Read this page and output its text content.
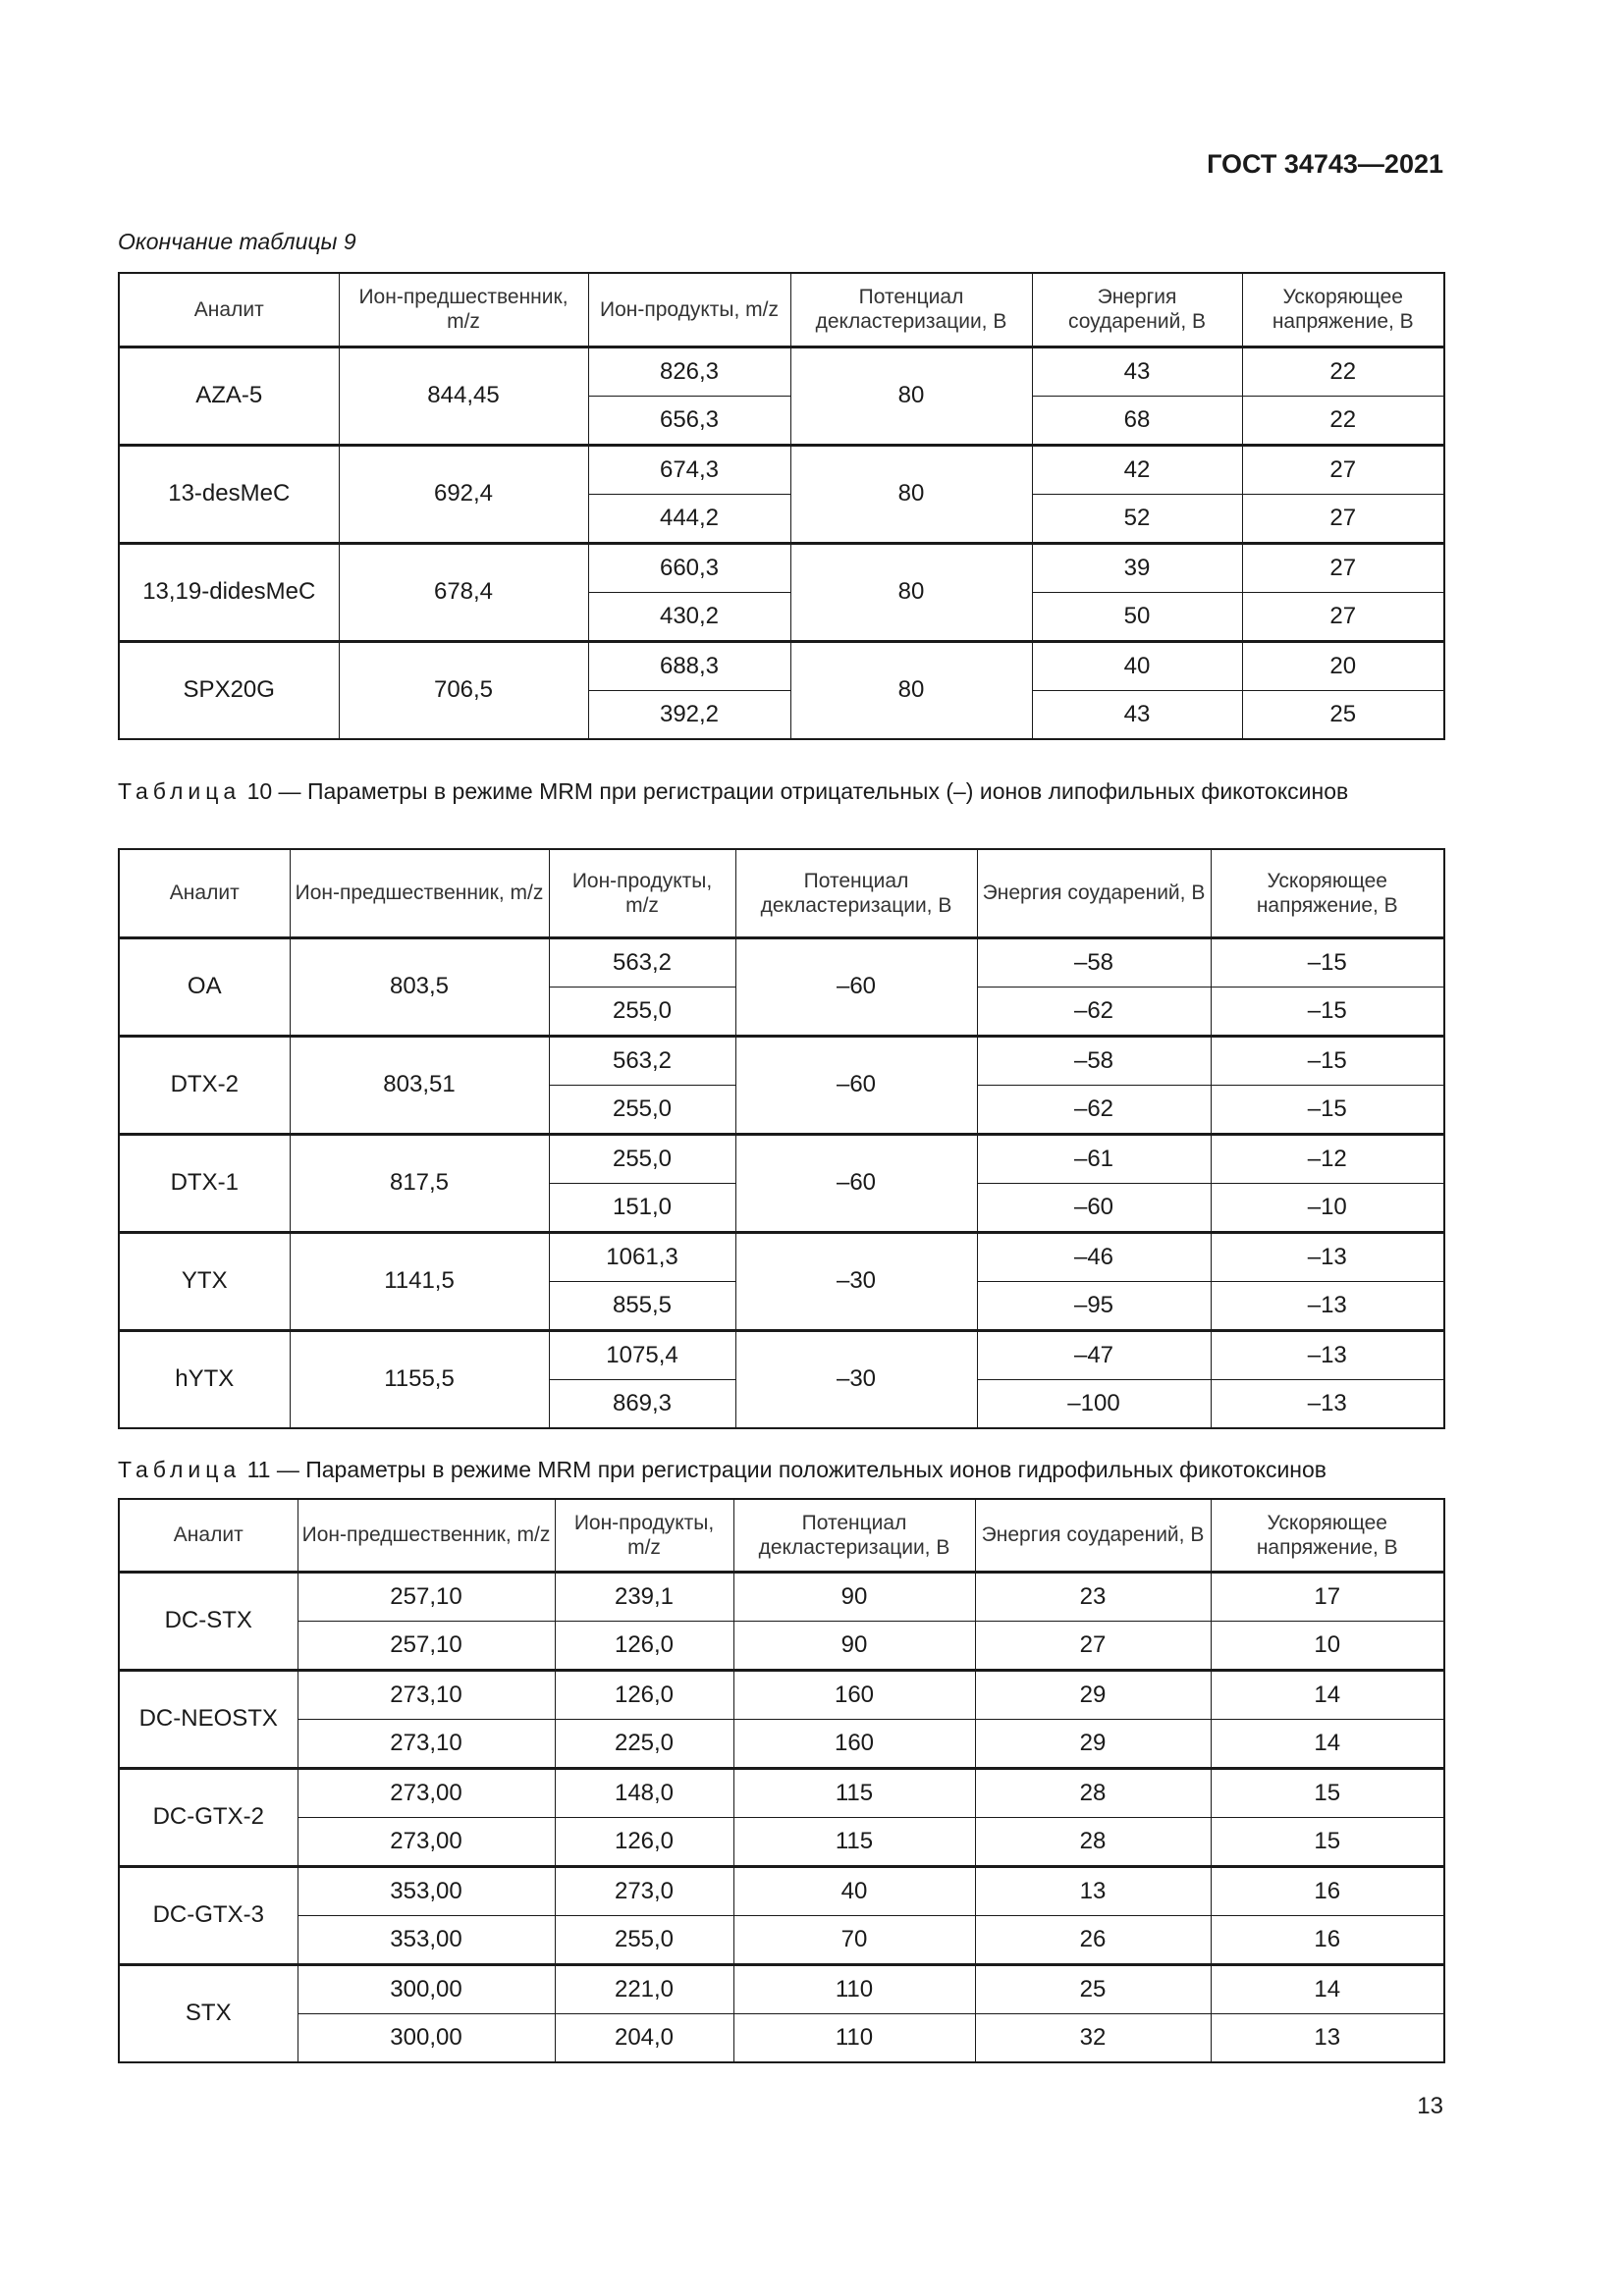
ГОСТ 34743—2021
Окончание таблицы 9
Аналит	Ион-предшественник, m/z	Ион-продукты, m/z	Потенциал декластеризации, В	Энергия соударений, В	Ускоряющее напряжение, В
AZA-5	844,45	826,3	80	43	22
		656,3		68	22
13-desMeC	692,4	674,3	80	42	27
		444,2		52	27
13,19-didesMeC	678,4	660,3	80	39	27
		430,2		50	27
SPX20G	706,5	688,3	80	40	20
		392,2		43	25
Таблица 10 — Параметры в режиме MRM при регистрации отрицательных (–) ионов липофильных фикотоксинов
Аналит	Ион-предшественник, m/z	Ион-продукты, m/z	Потенциал декластеризации, В	Энергия соударений, В	Ускоряющее напряжение, В
OA	803,5	563,2	–60	–58	–15
		255,0		–62	–15
DTX-2	803,51	563,2	–60	–58	–15
		255,0		–62	–15
DTX-1	817,5	255,0	–60	–61	–12
		151,0		–60	–10
YTX	1141,5	1061,3	–30	–46	–13
		855,5		–95	–13
hYTX	1155,5	1075,4	–30	–47	–13
		869,3		–100	–13
Таблица 11 — Параметры в режиме MRM при регистрации положительных ионов гидрофильных фикотоксинов
Аналит	Ион-предшественник, m/z	Ион-продукты, m/z	Потенциал декластеризации, В	Энергия соударений, В	Ускоряющее напряжение, В
DC-STX	257,10	239,1	90	23	17
	257,10	126,0	90	27	10
DC-NEOSTX	273,10	126,0	160	29	14
	273,10	225,0	160	29	14
DC-GTX-2	273,00	148,0	115	28	15
	273,00	126,0	115	28	15
DC-GTX-3	353,00	273,0	40	13	16
	353,00	255,0	70	26	16
STX	300,00	221,0	110	25	14
	300,00	204,0	110	32	13
13
